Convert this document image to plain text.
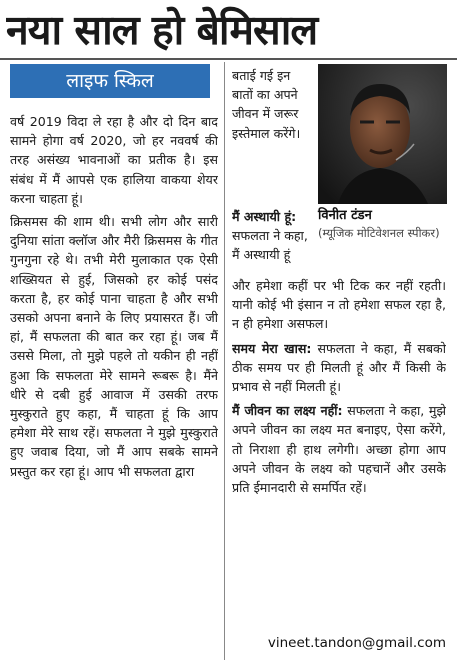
नया साल हो बेमिसाल
लाइफ स्किल

वर्ष 2019 विदा ले रहा है और दो दिन बाद सामने होगा वर्ष 2020, जो हर नववर्ष की तरह असंख्य भावनाओं का प्रतीक है। इस संबंध में मैं आपसे एक हालिया वाकया शेयर करना चाहता हूं।

क्रिसमस की शाम थी। सभी लोग और सारी दुनिया सांता क्लॉज और मैरी क्रिसमस के गीत गुनगुना रहे थे। तभी मेरी मुलाकात एक ऐसी शख्सियत से हुई, जिसको हर कोई पसंद करता है, हर कोई पाना चाहता है और सभी उसको अपना बनाने के लिए प्रयासरत हैं। जी हां, मैं सफलता की बात कर रहा हूं। जब मैं उससे मिला, तो मुझे पहले तो यकीन ही नहीं हुआ कि सफलता मेरे सामने रूबरू है। मैंने धीरे से दबी हुई आवाज में उसकी तरफ मुस्कुराते हुए कहा, मैं चाहता हूं कि आप हमेशा मेरे साथ रहें। सफलता ने मुझे मुस्कुराते हुए जवाब दिया, जो मैं आप सबके सामने प्रस्तुत कर रहा हूं। आप भी सफलता द्वारा

बताई गई इन बातों का अपने जीवन में जरूर इस्तेमाल करेंगे।
मैं अस्थायी हूं: सफलता ने कहा, मैं अस्थायी हूं
विनीत टंडन
(म्यूजिक मोटिवेशनल स्पीकर)

और हमेशा कहीं पर भी टिक कर नहीं रहती। यानी कोई भी इंसान न तो हमेशा सफल रहा है, न ही हमेशा असफल।

समय मेरा खास: सफलता ने कहा, मैं सबको ठीक समय पर ही मिलती हूं और मैं किसी के प्रभाव से नहीं मिलती हूं।

मैं जीवन का लक्ष्य नहीं: सफलता ने कहा, मुझे अपने जीवन का लक्ष्य मत बनाइए, ऐसा करेंगे, तो निराशा ही हाथ लगेगी। अच्छा होगा आप अपने जीवन के लक्ष्य को पहचानें और उसके प्रति ईमानदारी से समर्पित रहें।

vineet.tandon@gmail.com
